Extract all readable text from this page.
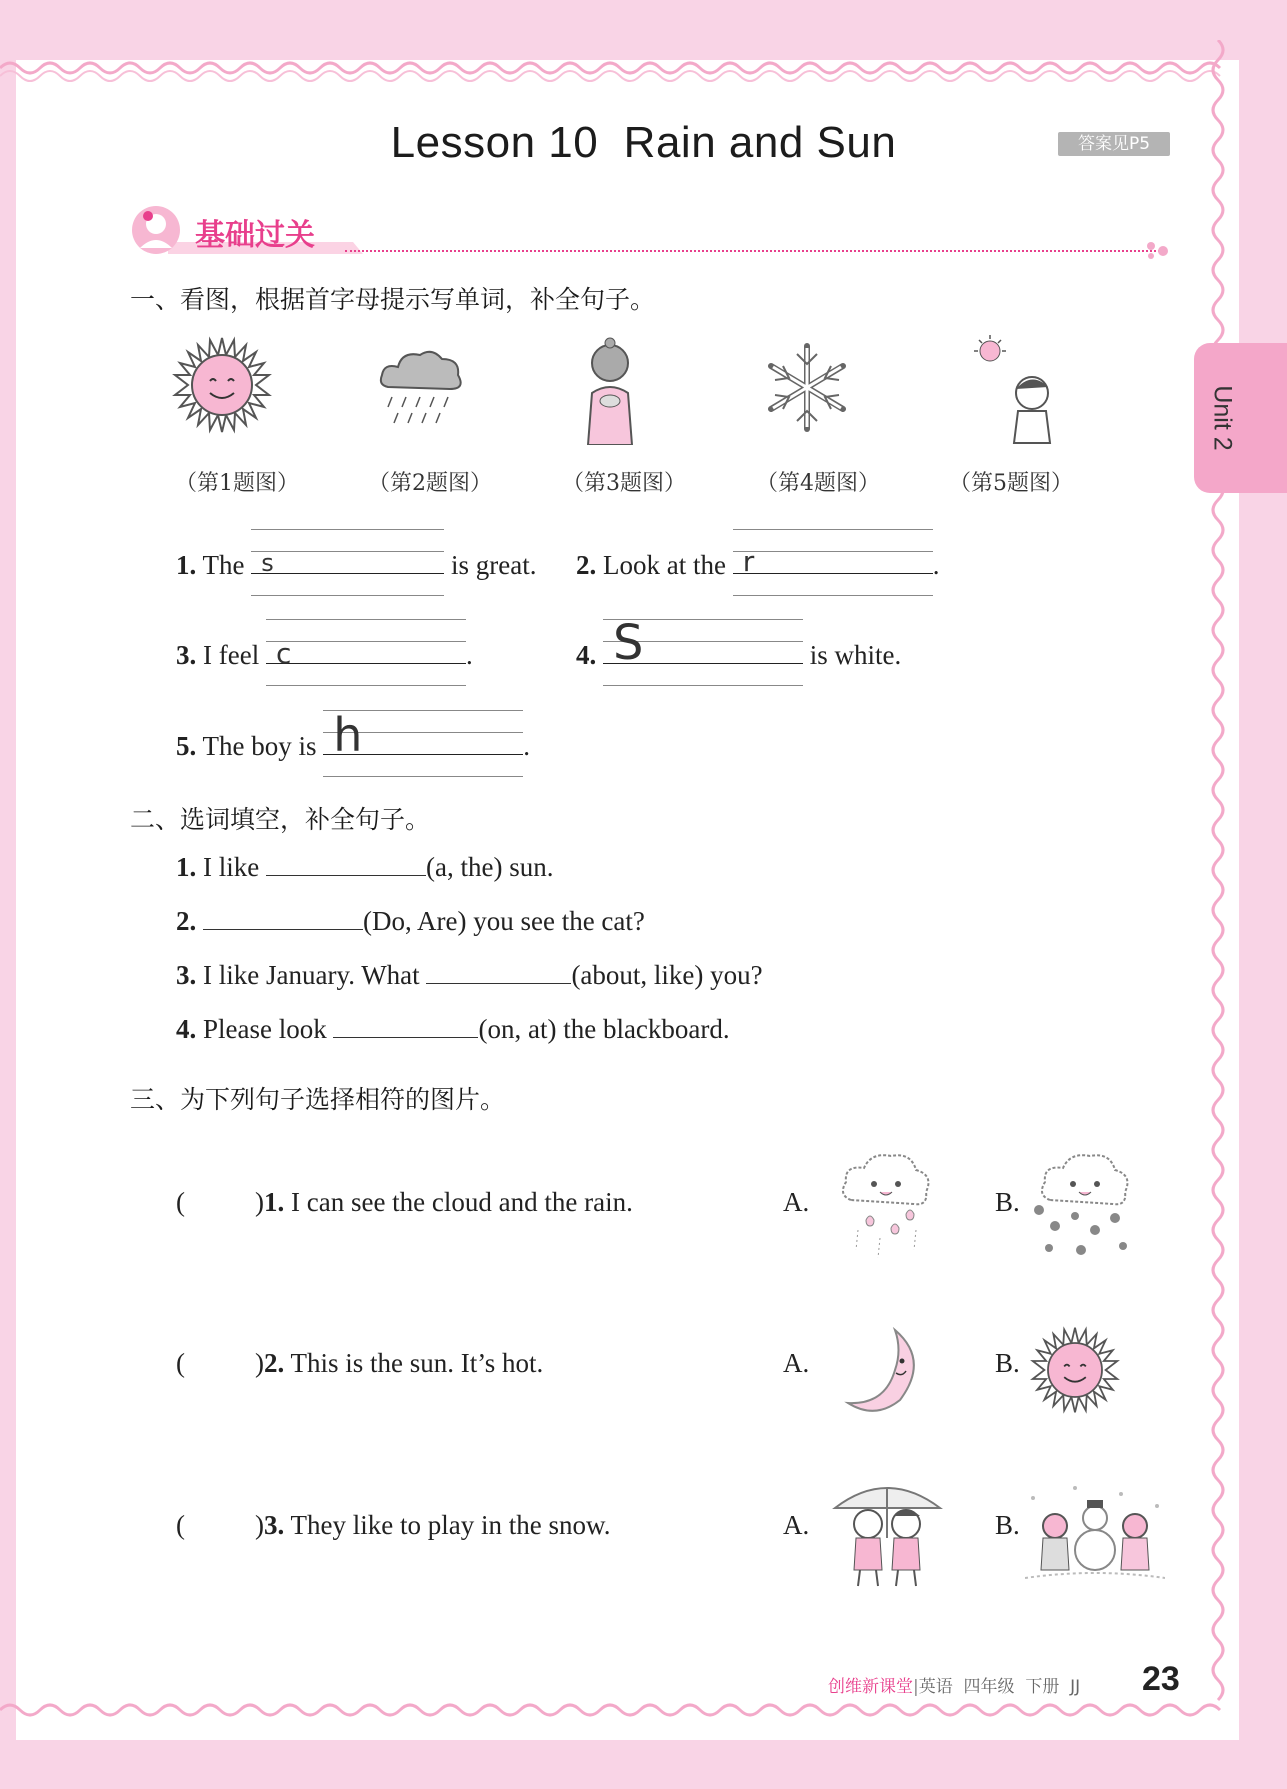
Lesson 10  Rain and Sun	答案见P5
Unit 2
基础过关
一、看图，根据首字母提示写单词，补全句子。
（第1题图）	（第2题图）	（第3题图）	（第4题图）	（第5题图）
1. The s	is great. 2. Look at the r	.
3. I feel c	.	4. S	is white.
5. The boy is h	.
二、选词填空，补全句子。
1. I like	(a, the) sun.
2.	(Do, Are) you see the cat?
3. I like January. What	(about, like) you?
4. Please look	(on, at) the blackboard.
三、为下列句子选择相符的图片。
(	)1. I can see the cloud and the rain.	A.	B.
(	)2. This is the sun. It’s hot.	A.	B.
(	)3. They like to play in the snow.	A.	B.
创维新课堂|英语  四年级  下册  JJ 23
